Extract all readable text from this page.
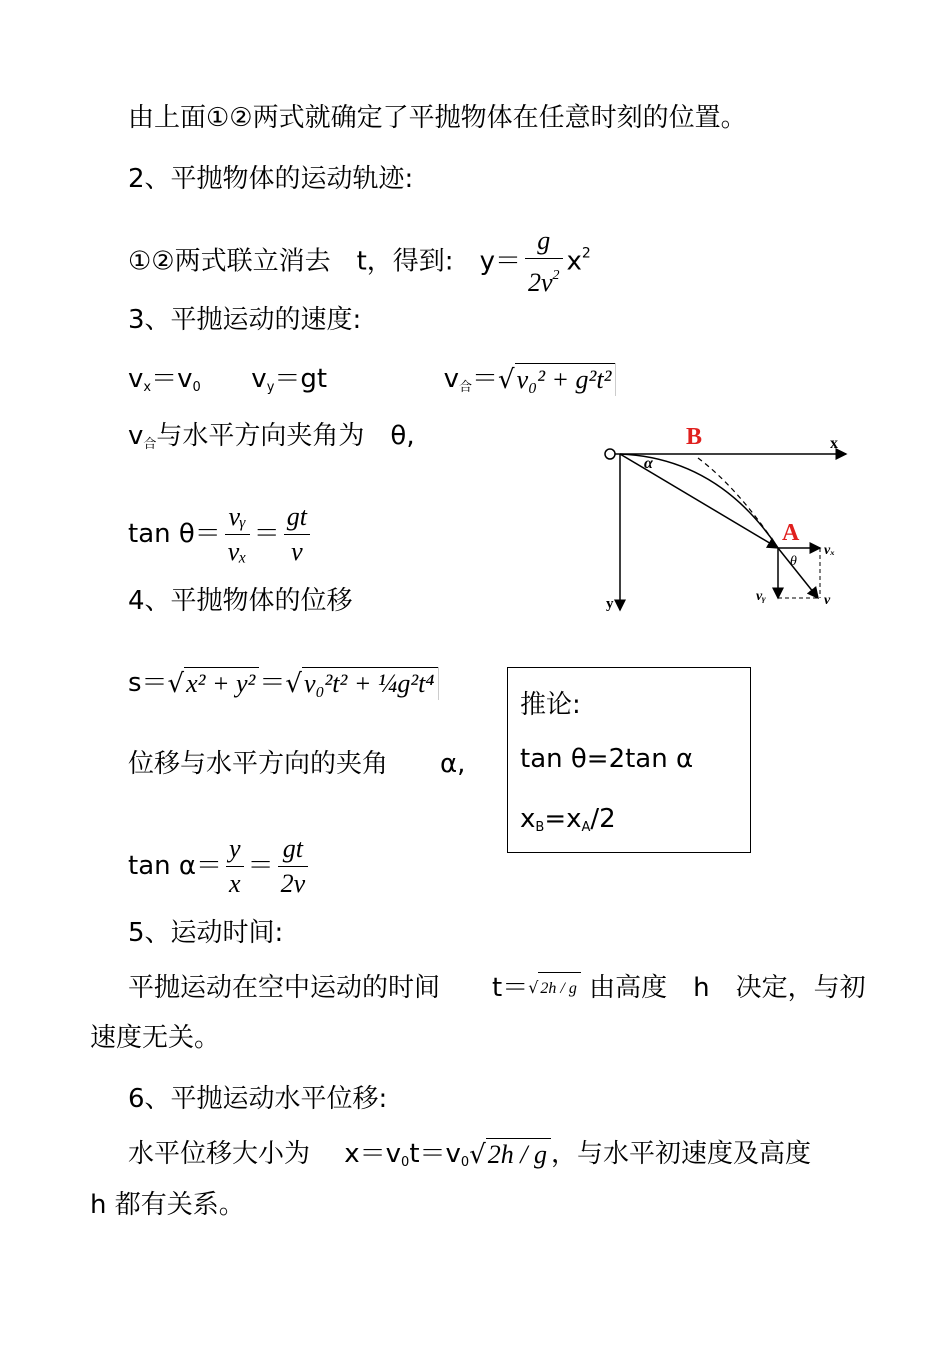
由上面①②两式就确定了平抛物体在任意时刻的位置。
2、平抛物体的运动轨迹:
①②两式联立消去　t，得到:　$y= \frac{g}{2v^2} x^2$
3、平抛运动的速度:
$v_x=v_0$ $v_y=gt$	$v_合=√v_0^2 + g^2t^2$
$v_合$与水平方向夹角为　θ,
$\tan \theta= \frac{\text{vᵧ}}{\text{vₓ}} = \frac{gt}{v}$
4、平抛物体的位移
s＝√x² + y² ＝√v₀²t² + ¼g²t⁴
位移与水平方向的夹角　　α,
$\tan \alpha= \frac{y}{x} = \frac{gt}{2v}$
推论:
tan θ=2tan α
$x_B=x_A/2$
5、运动时间:
平抛运动在空中运动的时间　　t＝√ 2h / g 由高度　h　决定，与初
速度无关。
6、平抛运动水平位移:
水平位移大小为　 $x=v_0t=v_0√2h / g$ ，与水平初速度及高度
h 都有关系。
x
y
B
A
α
θ
vₓ
vᵧ	v
